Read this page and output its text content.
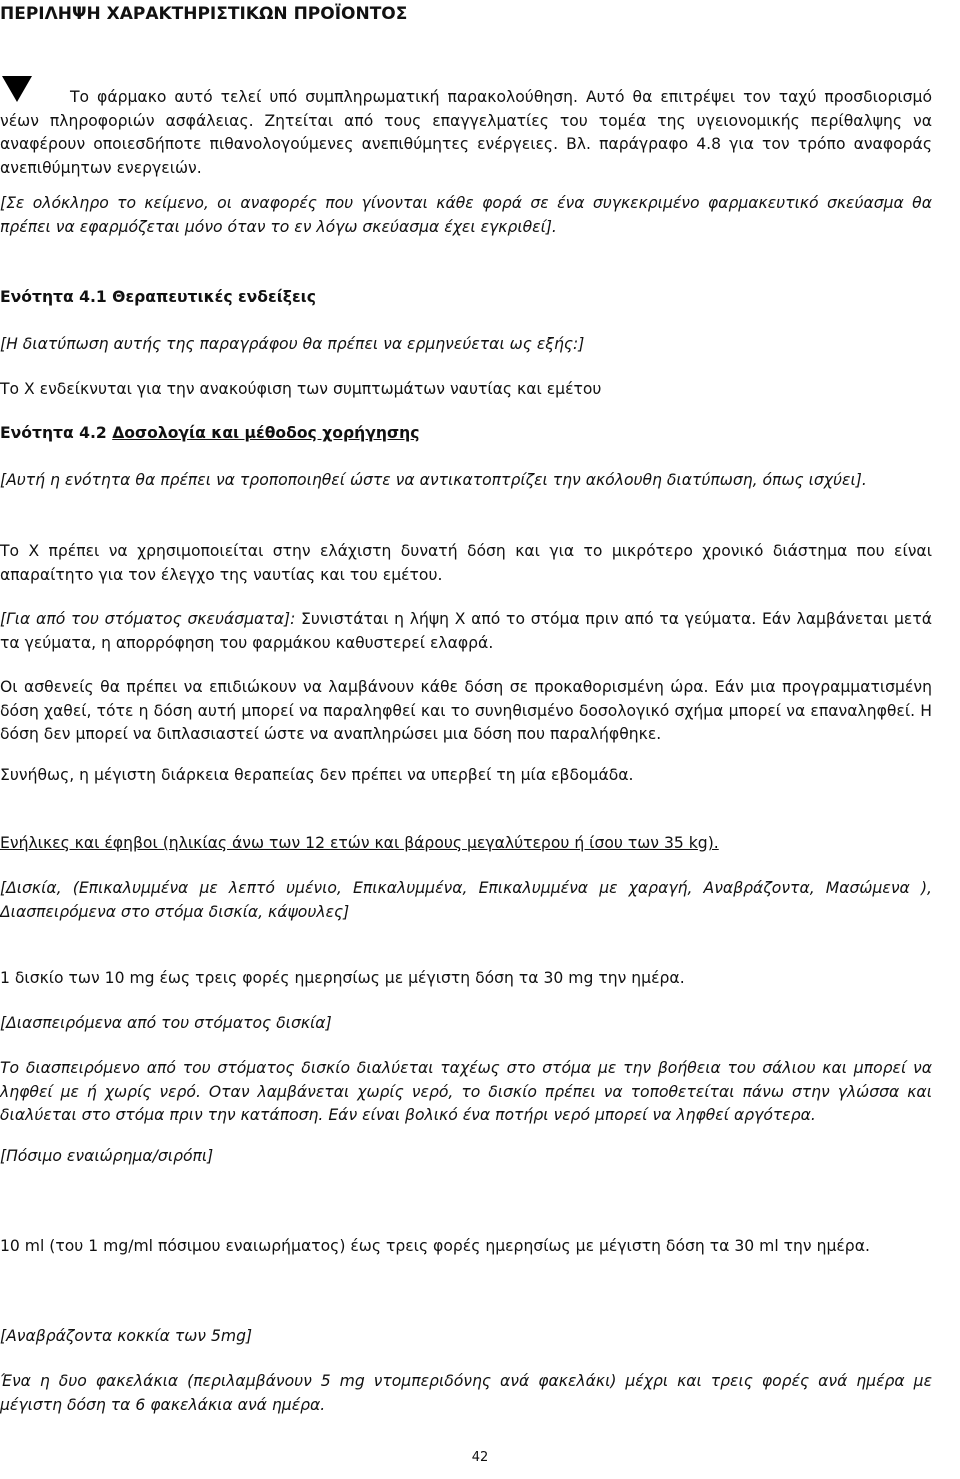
ΠΕΡΙΛΗΨΗ ΧΑΡΑΚΤΗΡΙΣΤΙΚΩΝ ΠΡΟΪΟΝΤΟΣ

Το φάρμακο αυτό τελεί υπό συμπληρωματική παρακολούθηση. Αυτό θα επιτρέψει τον ταχύ προσδιορισμό νέων πληροφοριών ασφάλειας. Ζητείται από τους επαγγελματίες του τομέα της υγειονομικής περίθαλψης να αναφέρουν οποιεσδήποτε πιθανολογούμενες ανεπιθύμητες ενέργειες. Βλ. παράγραφο 4.8 για τον τρόπο αναφοράς ανεπιθύμητων ενεργειών.

[Σε ολόκληρο το κείμενο, οι αναφορές που γίνονται κάθε φορά σε ένα συγκεκριμένο φαρμακευτικό σκεύασμα θα πρέπει να εφαρμόζεται μόνο όταν το εν λόγω σκεύασμα έχει εγκριθεί].

Ενότητα 4.1 Θεραπευτικές ενδείξεις

[Η διατύπωση αυτής της παραγράφου θα πρέπει να ερμηνεύεται ως εξής:]

Το Χ ενδείκνυται για την ανακούφιση των συμπτωμάτων ναυτίας και εμέτου

Ενότητα 4.2 Δοσολογία και μέθοδος χορήγησης

[Αυτή η ενότητα θα πρέπει να τροποποιηθεί ώστε να αντικατοπτρίζει την ακόλουθη διατύπωση, όπως ισχύει].

Το Χ πρέπει να χρησιμοποιείται στην ελάχιστη δυνατή δόση και για το μικρότερο χρονικό διάστημα που είναι απαραίτητο για τον έλεγχο της ναυτίας και του εμέτου.

[Για από του στόματος σκευάσματα]: Συνιστάται η λήψη Χ από το στόμα πριν από τα γεύματα. Εάν λαμβάνεται μετά τα γεύματα, η απορρόφηση του φαρμάκου καθυστερεί ελαφρά.

Οι ασθενείς θα πρέπει να επιδιώκουν να λαμβάνουν κάθε δόση σε προκαθορισμένη ώρα. Εάν μια προγραμματισμένη δόση χαθεί, τότε η δόση αυτή μπορεί να παραληφθεί και το συνηθισμένο δοσολογικό σχήμα μπορεί να επαναληφθεί. Η δόση δεν μπορεί να διπλασιαστεί ώστε να αναπληρώσει μια δόση που παραλήφθηκε.

Συνήθως, η μέγιστη διάρκεια θεραπείας δεν πρέπει να υπερβεί τη μία εβδομάδα.

Ενήλικες και έφηβοι (ηλικίας άνω των 12 ετών και βάρους μεγαλύτερου ή ίσου των 35 kg).

[Δισκία, (Επικαλυμμένα με λεπτό υμένιο, Επικαλυμμένα, Επικαλυμμένα με χαραγή, Αναβράζοντα, Μασώμενα ), Διασπειρόμενα στο στόμα δισκία, κάψουλες]

1 δισκίο των 10 mg έως τρεις φορές ημερησίως με μέγιστη δόση τα 30 mg την ημέρα.

[Διασπειρόμενα από του στόματος δισκία]

Το διασπειρόμενο από του στόματος δισκίο διαλύεται ταχέως στο στόμα με την βοήθεια του σάλιου και μπορεί να ληφθεί με ή χωρίς νερό. Οταν λαμβάνεται χωρίς νερό, το δισκίο πρέπει να τοποθετείται πάνω στην γλώσσα και διαλύεται στο στόμα πριν την κατάποση. Εάν είναι βολικό ένα ποτήρι νερό μπορεί να ληφθεί αργότερα.

[Πόσιμο εναιώρημα/σιρόπι]

10 ml (του 1 mg/ml πόσιμου εναιωρήματος) έως τρεις φορές ημερησίως με μέγιστη δόση τα 30 ml την ημέρα.

[Αναβράζοντα κοκκία των 5mg]

Ένα η δυο φακελάκια (περιλαμβάνουν 5 mg ντομπεριδόνης ανά φακελάκι) μέχρι και τρεις φορές ανά ημέρα με μέγιστη δόση τα 6 φακελάκια ανά ημέρα.

42
